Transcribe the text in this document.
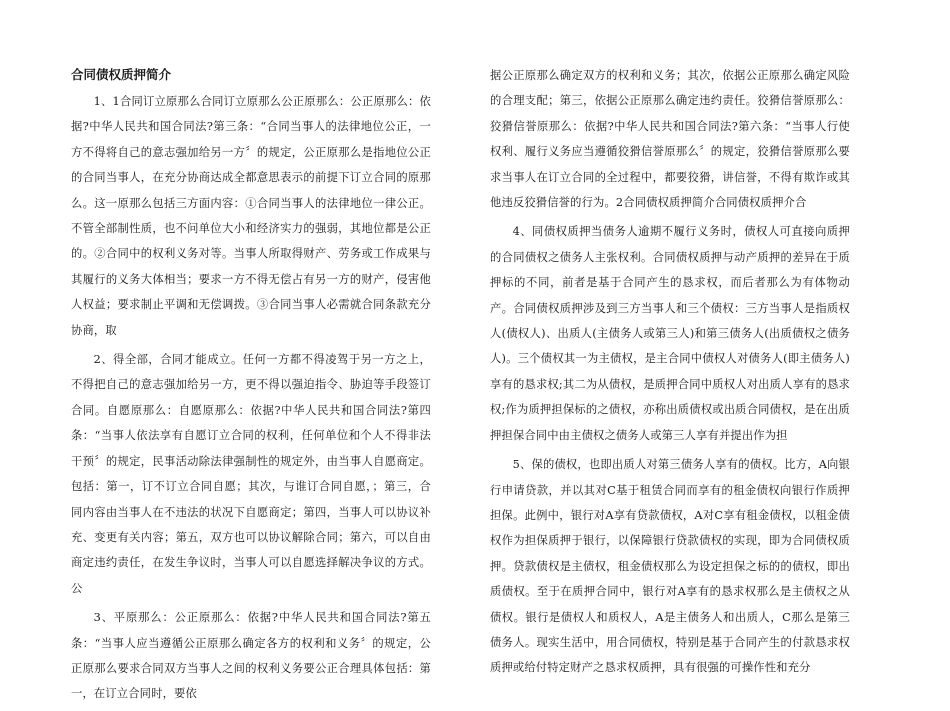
合同债权质押简介

1、1合同订立原那么合同订立原那么公正原那么：公正原那么：依据?中华人民共和国合同法?第三条：“合同当事人的法律地位公正，一方不得将自己的意志强加给另一方〞的规定，公正原那么是指地位公正的合同当事人，在充分协商达成全都意思表示的前提下订立合同的原那么。这一原那么包括三方面内容：①合同当事人的法律地位一律公正。不管全部制性质，也不问单位大小和经济实力的强弱，其地位都是公正的。②合同中的权利义务对等。当事人所取得财产、劳务或工作成果与其履行的义务大体相当；要求一方不得无偿占有另一方的财产，侵害他人权益；要求制止平调和无偿调拨。③合同当事人必需就合同条款充分协商，取

2、得全部，合同才能成立。任何一方都不得凌驾于另一方之上，不得把自己的意志强加给另一方，更不得以强迫指令、胁迫等手段签订合同。自愿原那么：自愿原那么：依据?中华人民共和国合同法?第四条：“当事人依法享有自愿订立合同的权利，任何单位和个人不得非法干预〞的规定，民事活动除法律强制性的规定外，由当事人自愿商定。包括：第一，订不订立合同自愿；其次，与谁订合同自愿，；第三，合同内容由当事人在不违法的状况下自愿商定；第四，当事人可以协议补充、变更有关内容；第五，双方也可以协议解除合同；第六，可以自由商定违约责任，在发生争议时，当事人可以自愿选择解决争议的方式。公

3、平原那么：公正原那么：依据?中华人民共和国合同法?第五条：“当事人应当遵循公正原那么确定各方的权利和义务〞的规定，公正原那么要求合同双方当事人之间的权利义务要公正合理具体包括：第一，在订立合同时，要依

据公正原那么确定双方的权利和义务；其次，依据公正原那么确定风险的合理支配；第三，依据公正原那么确定违约责任。狡猾信誉原那么：狡猾信誉原那么：依据?中华人民共和国合同法?第六条：“当事人行使权利、履行义务应当遵循狡猾信誉原那么〞的规定，狡猾信誉原那么要求当事人在订立合同的全过程中，都要狡猾，讲信誉，不得有欺诈或其他违反狡猾信誉的行为。2合同债权质押简介合同债权质押介合

4、同债权质押当债务人逾期不履行义务时，债权人可直接向质押的合同债权之债务人主张权利。合同债权质押与动产质押的差异在于质押标的不同，前者是基于合同产生的恳求权，而后者那么为有体物动产。合同债权质押涉及到三方当事人和三个债权：三方当事人是指质权人(债权人)、出质人(主债务人或第三人)和第三债务人(出质债权之债务人)。三个债权其一为主债权，是主合同中债权人对债务人(即主债务人)享有的恳求权;其二为从债权，是质押合同中质权人对出质人享有的恳求权;作为质押担保标的之债权，亦称出质债权或出质合同债权，是在出质押担保合同中由主债权之债务人或第三人享有并提出作为担

5、保的债权，也即出质人对第三债务人享有的债权。比方，A向银行申请贷款，并以其对C基于租赁合同而享有的租金债权向银行作质押担保。此例中，银行对A享有贷款债权，A对C享有租金债权，以租金债权作为担保质押于银行，以保障银行贷款债权的实现，即为合同债权质押。贷款债权是主债权，租金债权那么为设定担保之标的的债权，即出质债权。至于在质押合同中，银行对A享有的恳求权那么是主债权之从债权。银行是债权人和质权人，A是主债务人和出质人，C那么是第三债务人。现实生活中，用合同债权，特别是基于合同产生的付款恳求权质押或给付特定财产之恳求权质押，具有很强的可操作性和充分
